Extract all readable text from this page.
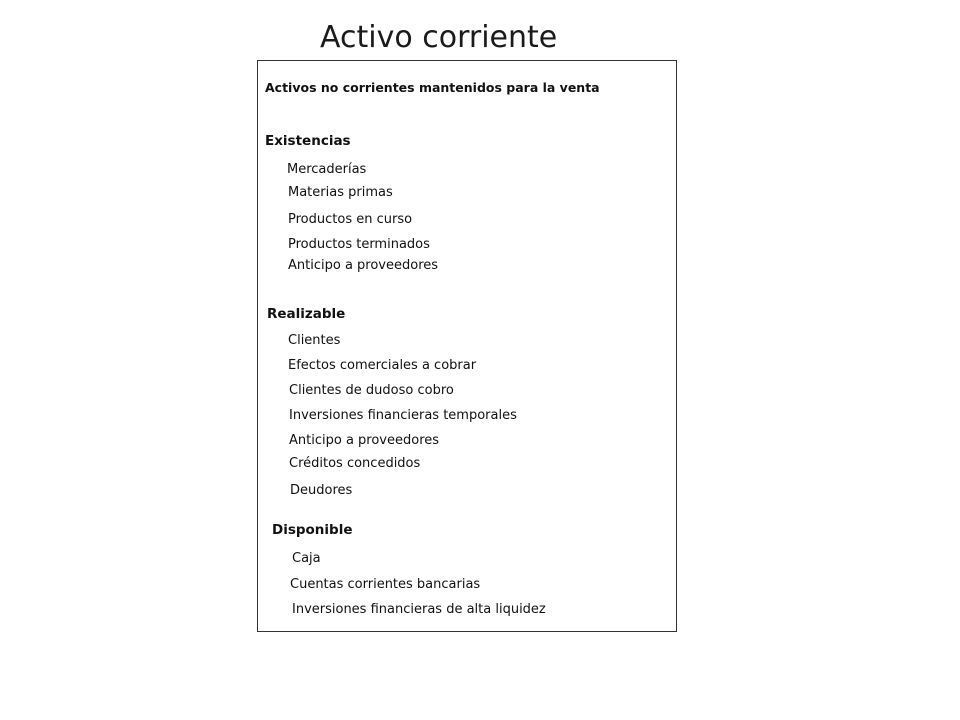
Activo corriente
Activos no corrientes mantenidos para la venta
Existencias
Mercaderías
Materias primas
Productos en curso
Productos terminados
Anticipo a proveedores
Realizable
Clientes
Efectos comerciales a cobrar
Clientes de dudoso cobro
Inversiones financieras temporales
Anticipo a proveedores
Créditos concedidos
Deudores
Disponible
Caja
Cuentas corrientes bancarias
Inversiones financieras de alta liquidez
